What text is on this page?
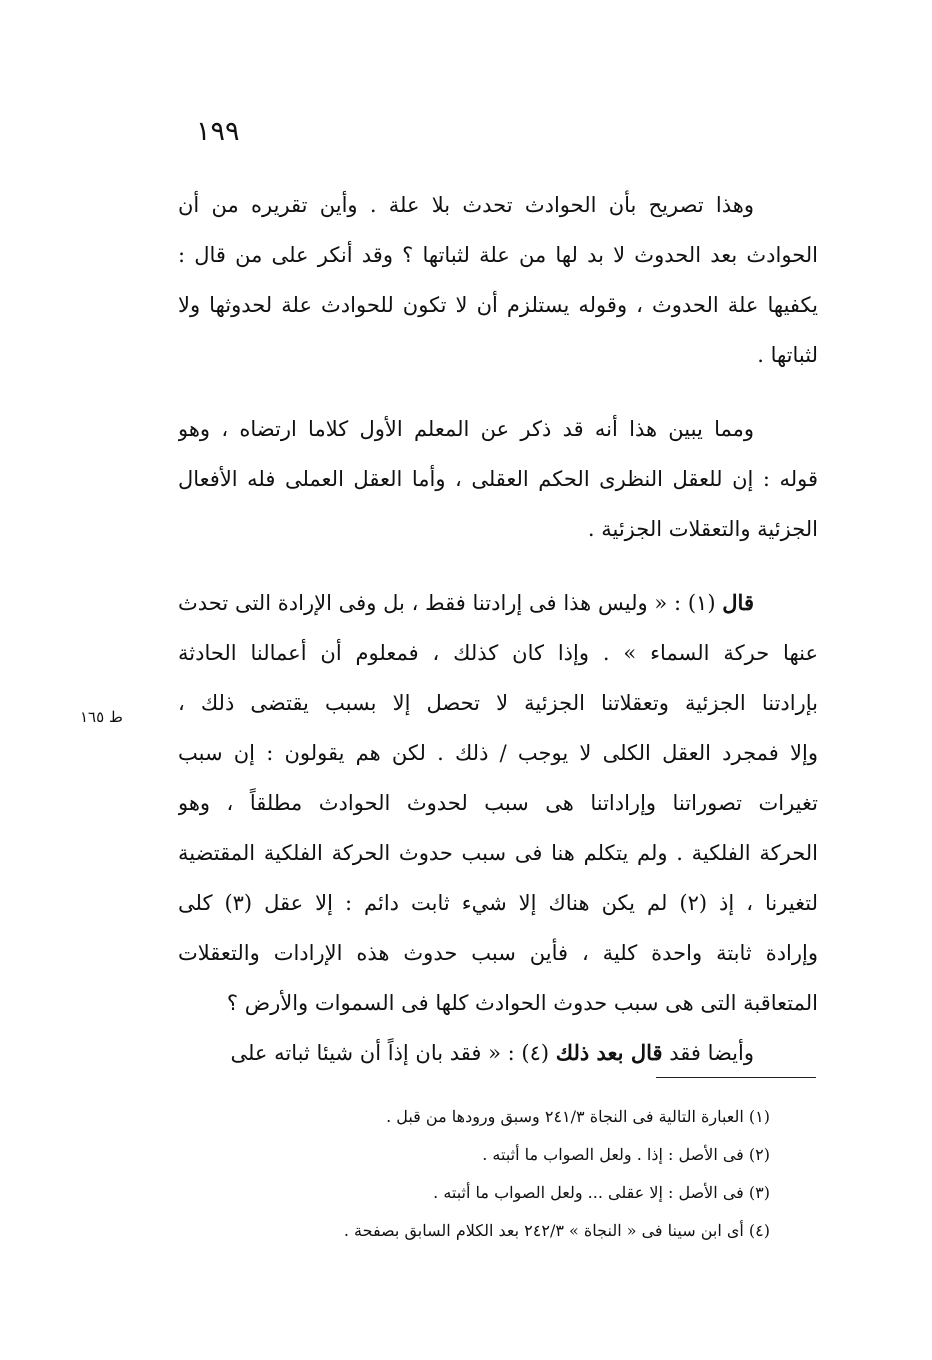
١٩٩
وهذا تصريح بأن الحوادث تحدث بلا علة . وأين تقريره من أن
الحوادث بعد الحدوث لا بد لها من علة لثباتها ؟ وقد أنكر على من قال :
يكفيها علة الحدوث ، وقوله يستلزم أن لا تكون للحوادث علة لحدوثها ولا
لثباتها .
ومما يبين هذا أنه قد ذكر عن المعلم الأول كلاما ارتضاه ، وهو
قوله : إن للعقل النظرى الحكم العقلى ، وأما العقل العملى فله الأفعال
الجزئية والتعقلات الجزئية .
قال (١) : « وليس هذا فى إرادتنا فقط ، بل وفى الإرادة التى تحدث
عنها حركة السماء » . وإذا كان كذلك ، فمعلوم أن أعمالنا الحادثة
بإرادتنا الجزئية وتعقلاتنا الجزئية لا تحصل إلا بسبب يقتضى ذلك ،
وإلا فمجرد العقل الكلى لا يوجب / ذلك . لكن هم يقولون : إن سبب
تغيرات تصوراتنا وإراداتنا هى سبب لحدوث الحوادث مطلقاً ، وهو
الحركة الفلكية . ولم يتكلم هنا فى سبب حدوث الحركة الفلكية المقتضية
لتغيرنا ، إذ (٢) لم يكن هناك إلا شيء ثابت دائم : إلا عقل (٣) كلى
وإرادة ثابتة واحدة كلية ، فأين سبب حدوث هذه الإرادات والتعقلات
المتعاقبة التى هى سبب حدوث الحوادث كلها فى السموات والأرض ؟
وأيضا فقد قال بعد ذلك (٤) : « فقد بان إذاً أن شيئا ثباته على
ط ١٦٥
(١) العبارة التالية فى النجاة ٢٤١/٣ وسبق ورودها من قبل .
(٢) فى الأصل : إذا . ولعل الصواب ما أثبته .
(٣) فى الأصل : إلا عقلى ... ولعل الصواب ما أثبته .
(٤) أى ابن سينا فى « النجاة » ٢٤٢/٣ بعد الكلام السابق بصفحة .
